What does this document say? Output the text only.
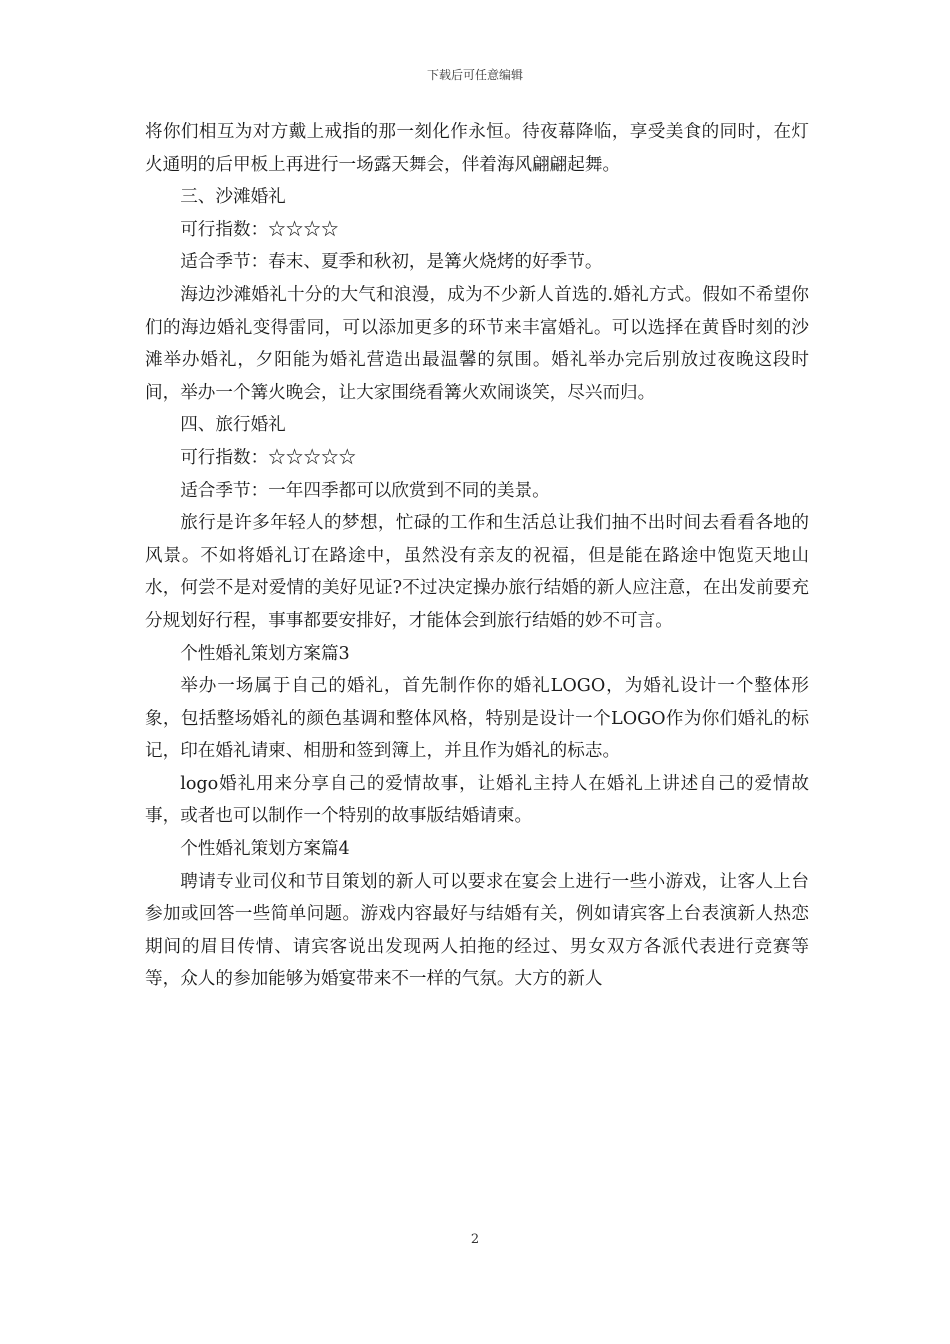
下载后可任意编辑

将你们相互为对方戴上戒指的那一刻化作永恒。待夜幕降临，享受美食的同时，在灯火通明的后甲板上再进行一场露天舞会，伴着海风翩翩起舞。

三、沙滩婚礼

可行指数：☆☆☆☆

适合季节：春末、夏季和秋初，是篝火烧烤的好季节。

海边沙滩婚礼十分的大气和浪漫，成为不少新人首选的.婚礼方式。假如不希望你们的海边婚礼变得雷同，可以添加更多的环节来丰富婚礼。可以选择在黄昏时刻的沙滩举办婚礼，夕阳能为婚礼营造出最温馨的氛围。婚礼举办完后别放过夜晚这段时间，举办一个篝火晚会，让大家围绕看篝火欢闹谈笑，尽兴而归。

四、旅行婚礼

可行指数：☆☆☆☆☆

适合季节：一年四季都可以欣赏到不同的美景。

旅行是许多年轻人的梦想，忙碌的工作和生活总让我们抽不出时间去看看各地的风景。不如将婚礼订在路途中，虽然没有亲友的祝福，但是能在路途中饱览天地山水，何尝不是对爱情的美好见证?不过决定操办旅行结婚的新人应注意，在出发前要充分规划好行程，事事都要安排好，才能体会到旅行结婚的妙不可言。

个性婚礼策划方案篇3

举办一场属于自己的婚礼，首先制作你的婚礼LOGO，为婚礼设计一个整体形象，包括整场婚礼的颜色基调和整体风格，特别是设计一个LOGO作为你们婚礼的标记，印在婚礼请柬、相册和签到簿上，并且作为婚礼的标志。

logo婚礼用来分享自己的爱情故事，让婚礼主持人在婚礼上讲述自己的爱情故事，或者也可以制作一个特别的故事版结婚请柬。

个性婚礼策划方案篇4

聘请专业司仪和节目策划的新人可以要求在宴会上进行一些小游戏，让客人上台参加或回答一些简单问题。游戏内容最好与结婚有关，例如请宾客上台表演新人热恋期间的眉目传情、请宾客说出发现两人拍拖的经过、男女双方各派代表进行竞赛等等，众人的参加能够为婚宴带来不一样的气氛。大方的新人

2
